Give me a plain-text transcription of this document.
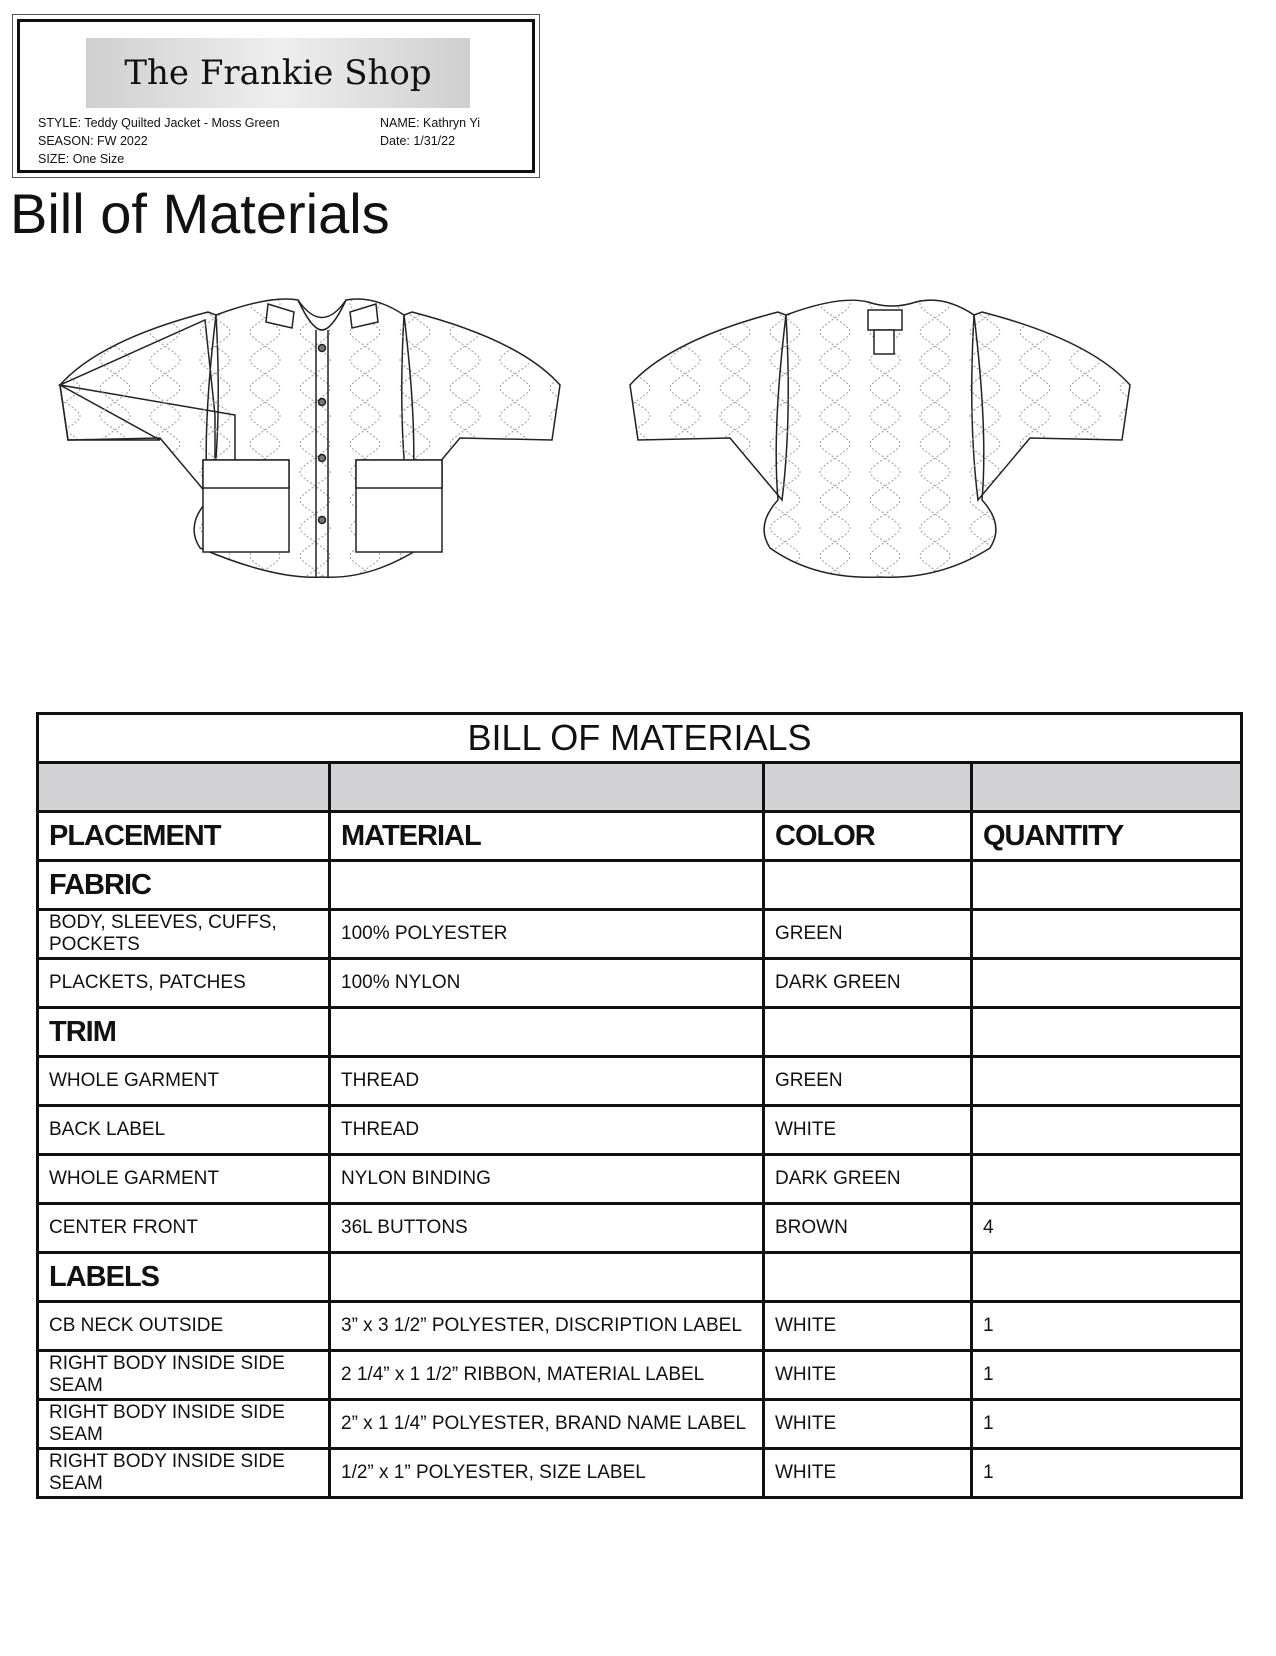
The Frankie Shop
STYLE: Teddy Quilted Jacket - Moss Green
SEASON: FW 2022
SIZE: One Size
NAME: Kathryn Yi
Date: 1/31/22
Bill of Materials
BILL OF MATERIALS			

PLACEMENT	MATERIAL	COLOR	QUANTITY
FABRIC			
BODY, SLEEVES, CUFFS, POCKETS	100% POLYESTER	GREEN	
PLACKETS, PATCHES	100% NYLON	DARK GREEN	
TRIM			
WHOLE GARMENT	THREAD	GREEN	
BACK LABEL	THREAD	WHITE	
WHOLE GARMENT	NYLON BINDING	DARK GREEN	
CENTER FRONT	36L BUTTONS	BROWN	4
LABELS			
CB NECK OUTSIDE	3” x 3 1/2” POLYESTER, DISCRIPTION LABEL	WHITE	1
RIGHT BODY INSIDE SIDE SEAM	2 1/4” x 1 1/2” RIBBON, MATERIAL LABEL	WHITE	1
RIGHT BODY INSIDE SIDE SEAM	2” x 1 1/4” POLYESTER, BRAND NAME LABEL	WHITE	1
RIGHT BODY INSIDE SIDE SEAM	1/2” x 1” POLYESTER, SIZE LABEL	WHITE	1
